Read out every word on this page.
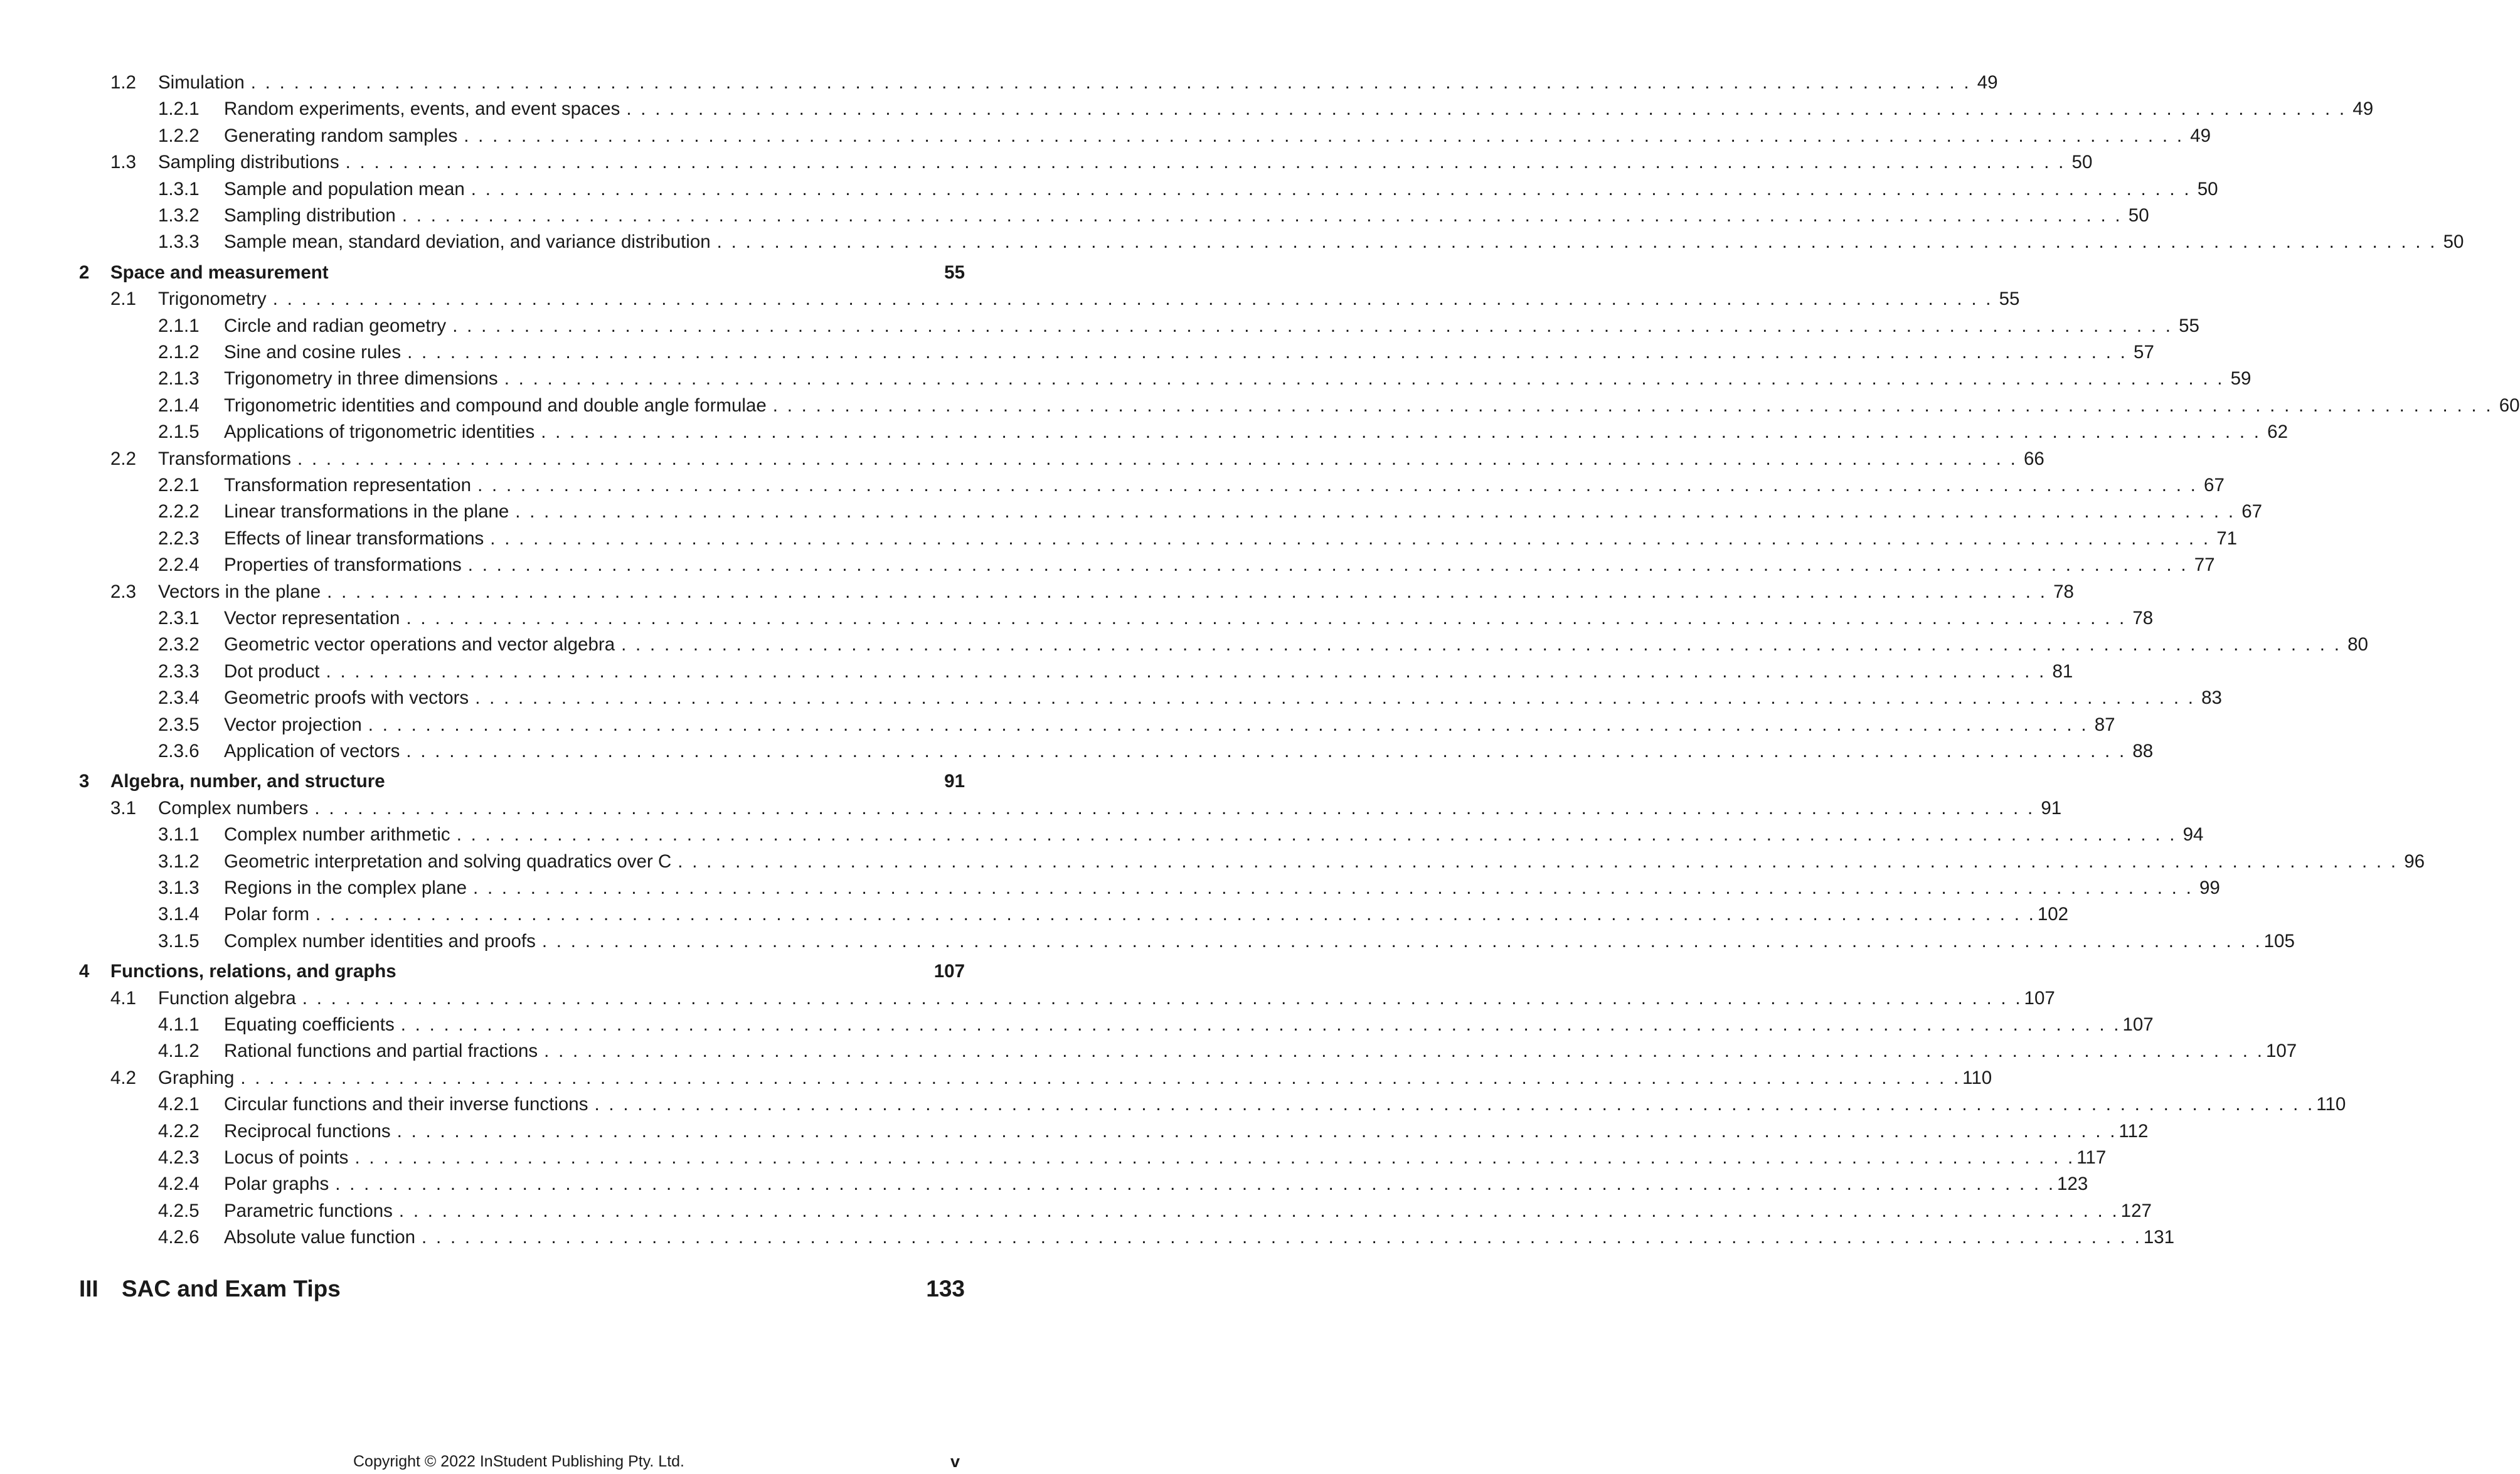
1.2	Simulation . . . . . . . . . . . . . . . . . . . . . . . . . . . . . . . . . . . . . . . . . . . . . . . . . . . . . . . . . . . . . . . . . . . . . . . . . . . . . . . . . . . . . . . . . . . . . . . . . . . . . . . . . . . . . . . . . . . . . . . . 49
1.2.1	Random experiments, events, and event spaces . . . . . . . . . . . . . . . . . . . . . . . . . . . . . . . . . . . . . . . . . . . . . . . . . . . . . . . . . . . . . . . . . . . . . . . . . . . . . . . . . . . . . . . . . . . . . . . . . . . . . . . . . . . . . . . . . . . . . . . . 49
1.2.2	Generating random samples . . . . . . . . . . . . . . . . . . . . . . . . . . . . . . . . . . . . . . . . . . . . . . . . . . . . . . . . . . . . . . . . . . . . . . . . . . . . . . . . . . . . . . . . . . . . . . . . . . . . . . . . . . . . . . . . . . . . . . . . 49
1.3	Sampling distributions . . . . . . . . . . . . . . . . . . . . . . . . . . . . . . . . . . . . . . . . . . . . . . . . . . . . . . . . . . . . . . . . . . . . . . . . . . . . . . . . . . . . . . . . . . . . . . . . . . . . . . . . . . . . . . . . . . . . . . . . 50
1.3.1	Sample and population mean . . . . . . . . . . . . . . . . . . . . . . . . . . . . . . . . . . . . . . . . . . . . . . . . . . . . . . . . . . . . . . . . . . . . . . . . . . . . . . . . . . . . . . . . . . . . . . . . . . . . . . . . . . . . . . . . . . . . . . . . 50
1.3.2	Sampling distribution . . . . . . . . . . . . . . . . . . . . . . . . . . . . . . . . . . . . . . . . . . . . . . . . . . . . . . . . . . . . . . . . . . . . . . . . . . . . . . . . . . . . . . . . . . . . . . . . . . . . . . . . . . . . . . . . . . . . . . . . 50
1.3.3	Sample mean, standard deviation, and variance distribution . . . . . . . . . . . . . . . . . . . . . . . . . . . . . . . . . . . . . . . . . . . . . . . . . . . . . . . . . . . . . . . . . . . . . . . . . . . . . . . . . . . . . . . . . . . . . . . . . . . . . . . . . . . . . . . . . . . . . . . . 50
2	Space and measurement	55
2.1	Trigonometry . . . . . . . . . . . . . . . . . . . . . . . . . . . . . . . . . . . . . . . . . . . . . . . . . . . . . . . . . . . . . . . . . . . . . . . . . . . . . . . . . . . . . . . . . . . . . . . . . . . . . . . . . . . . . . . . . . . . . . . . 55
2.1.1	Circle and radian geometry . . . . . . . . . . . . . . . . . . . . . . . . . . . . . . . . . . . . . . . . . . . . . . . . . . . . . . . . . . . . . . . . . . . . . . . . . . . . . . . . . . . . . . . . . . . . . . . . . . . . . . . . . . . . . . . . . . . . . . . . 55
2.1.2	Sine and cosine rules . . . . . . . . . . . . . . . . . . . . . . . . . . . . . . . . . . . . . . . . . . . . . . . . . . . . . . . . . . . . . . . . . . . . . . . . . . . . . . . . . . . . . . . . . . . . . . . . . . . . . . . . . . . . . . . . . . . . . . . . 57
2.1.3	Trigonometry in three dimensions . . . . . . . . . . . . . . . . . . . . . . . . . . . . . . . . . . . . . . . . . . . . . . . . . . . . . . . . . . . . . . . . . . . . . . . . . . . . . . . . . . . . . . . . . . . . . . . . . . . . . . . . . . . . . . . . . . . . . . . . 59
2.1.4	Trigonometric identities and compound and double angle formulae . . . . . . . . . . . . . . . . . . . . . . . . . . . . . . . . . . . . . . . . . . . . . . . . . . . . . . . . . . . . . . . . . . . . . . . . . . . . . . . . . . . . . . . . . . . . . . . . . . . . . . . . . . . . . . . . . . . . . . . . 60
2.1.5	Applications of trigonometric identities . . . . . . . . . . . . . . . . . . . . . . . . . . . . . . . . . . . . . . . . . . . . . . . . . . . . . . . . . . . . . . . . . . . . . . . . . . . . . . . . . . . . . . . . . . . . . . . . . . . . . . . . . . . . . . . . . . . . . . . . 62
2.2	Transformations . . . . . . . . . . . . . . . . . . . . . . . . . . . . . . . . . . . . . . . . . . . . . . . . . . . . . . . . . . . . . . . . . . . . . . . . . . . . . . . . . . . . . . . . . . . . . . . . . . . . . . . . . . . . . . . . . . . . . . . . 66
2.2.1	Transformation representation . . . . . . . . . . . . . . . . . . . . . . . . . . . . . . . . . . . . . . . . . . . . . . . . . . . . . . . . . . . . . . . . . . . . . . . . . . . . . . . . . . . . . . . . . . . . . . . . . . . . . . . . . . . . . . . . . . . . . . . . 67
2.2.2	Linear transformations in the plane . . . . . . . . . . . . . . . . . . . . . . . . . . . . . . . . . . . . . . . . . . . . . . . . . . . . . . . . . . . . . . . . . . . . . . . . . . . . . . . . . . . . . . . . . . . . . . . . . . . . . . . . . . . . . . . . . . . . . . . . 67
2.2.3	Effects of linear transformations . . . . . . . . . . . . . . . . . . . . . . . . . . . . . . . . . . . . . . . . . . . . . . . . . . . . . . . . . . . . . . . . . . . . . . . . . . . . . . . . . . . . . . . . . . . . . . . . . . . . . . . . . . . . . . . . . . . . . . . . 71
2.2.4	Properties of transformations . . . . . . . . . . . . . . . . . . . . . . . . . . . . . . . . . . . . . . . . . . . . . . . . . . . . . . . . . . . . . . . . . . . . . . . . . . . . . . . . . . . . . . . . . . . . . . . . . . . . . . . . . . . . . . . . . . . . . . . . 77
2.3	Vectors in the plane . . . . . . . . . . . . . . . . . . . . . . . . . . . . . . . . . . . . . . . . . . . . . . . . . . . . . . . . . . . . . . . . . . . . . . . . . . . . . . . . . . . . . . . . . . . . . . . . . . . . . . . . . . . . . . . . . . . . . . . . 78
2.3.1	Vector representation . . . . . . . . . . . . . . . . . . . . . . . . . . . . . . . . . . . . . . . . . . . . . . . . . . . . . . . . . . . . . . . . . . . . . . . . . . . . . . . . . . . . . . . . . . . . . . . . . . . . . . . . . . . . . . . . . . . . . . . . 78
2.3.2	Geometric vector operations and vector algebra . . . . . . . . . . . . . . . . . . . . . . . . . . . . . . . . . . . . . . . . . . . . . . . . . . . . . . . . . . . . . . . . . . . . . . . . . . . . . . . . . . . . . . . . . . . . . . . . . . . . . . . . . . . . . . . . . . . . . . . . 80
2.3.3	Dot product . . . . . . . . . . . . . . . . . . . . . . . . . . . . . . . . . . . . . . . . . . . . . . . . . . . . . . . . . . . . . . . . . . . . . . . . . . . . . . . . . . . . . . . . . . . . . . . . . . . . . . . . . . . . . . . . . . . . . . . . 81
2.3.4	Geometric proofs with vectors . . . . . . . . . . . . . . . . . . . . . . . . . . . . . . . . . . . . . . . . . . . . . . . . . . . . . . . . . . . . . . . . . . . . . . . . . . . . . . . . . . . . . . . . . . . . . . . . . . . . . . . . . . . . . . . . . . . . . . . . 83
2.3.5	Vector projection . . . . . . . . . . . . . . . . . . . . . . . . . . . . . . . . . . . . . . . . . . . . . . . . . . . . . . . . . . . . . . . . . . . . . . . . . . . . . . . . . . . . . . . . . . . . . . . . . . . . . . . . . . . . . . . . . . . . . . . . 87
2.3.6	Application of vectors . . . . . . . . . . . . . . . . . . . . . . . . . . . . . . . . . . . . . . . . . . . . . . . . . . . . . . . . . . . . . . . . . . . . . . . . . . . . . . . . . . . . . . . . . . . . . . . . . . . . . . . . . . . . . . . . . . . . . . . . 88
3	Algebra, number, and structure	91
3.1	Complex numbers . . . . . . . . . . . . . . . . . . . . . . . . . . . . . . . . . . . . . . . . . . . . . . . . . . . . . . . . . . . . . . . . . . . . . . . . . . . . . . . . . . . . . . . . . . . . . . . . . . . . . . . . . . . . . . . . . . . . . . . . 91
3.1.1	Complex number arithmetic . . . . . . . . . . . . . . . . . . . . . . . . . . . . . . . . . . . . . . . . . . . . . . . . . . . . . . . . . . . . . . . . . . . . . . . . . . . . . . . . . . . . . . . . . . . . . . . . . . . . . . . . . . . . . . . . . . . . . . . . 94
3.1.2	Geometric interpretation and solving quadratics over C . . . . . . . . . . . . . . . . . . . . . . . . . . . . . . . . . . . . . . . . . . . . . . . . . . . . . . . . . . . . . . . . . . . . . . . . . . . . . . . . . . . . . . . . . . . . . . . . . . . . . . . . . . . . . . . . . . . . . . . . 96
3.1.3	Regions in the complex plane . . . . . . . . . . . . . . . . . . . . . . . . . . . . . . . . . . . . . . . . . . . . . . . . . . . . . . . . . . . . . . . . . . . . . . . . . . . . . . . . . . . . . . . . . . . . . . . . . . . . . . . . . . . . . . . . . . . . . . . . 99
3.1.4	Polar form . . . . . . . . . . . . . . . . . . . . . . . . . . . . . . . . . . . . . . . . . . . . . . . . . . . . . . . . . . . . . . . . . . . . . . . . . . . . . . . . . . . . . . . . . . . . . . . . . . . . . . . . . . . . . . . . . . . . . . . . 102
3.1.5	Complex number identities and proofs . . . . . . . . . . . . . . . . . . . . . . . . . . . . . . . . . . . . . . . . . . . . . . . . . . . . . . . . . . . . . . . . . . . . . . . . . . . . . . . . . . . . . . . . . . . . . . . . . . . . . . . . . . . . . . . . . . . . . . . . 105
4	Functions, relations, and graphs	107
4.1	Function algebra . . . . . . . . . . . . . . . . . . . . . . . . . . . . . . . . . . . . . . . . . . . . . . . . . . . . . . . . . . . . . . . . . . . . . . . . . . . . . . . . . . . . . . . . . . . . . . . . . . . . . . . . . . . . . . . . . . . . . . . . 107
4.1.1	Equating coefficients . . . . . . . . . . . . . . . . . . . . . . . . . . . . . . . . . . . . . . . . . . . . . . . . . . . . . . . . . . . . . . . . . . . . . . . . . . . . . . . . . . . . . . . . . . . . . . . . . . . . . . . . . . . . . . . . . . . . . . . . 107
4.1.2	Rational functions and partial fractions . . . . . . . . . . . . . . . . . . . . . . . . . . . . . . . . . . . . . . . . . . . . . . . . . . . . . . . . . . . . . . . . . . . . . . . . . . . . . . . . . . . . . . . . . . . . . . . . . . . . . . . . . . . . . . . . . . . . . . . . 107
4.2	Graphing . . . . . . . . . . . . . . . . . . . . . . . . . . . . . . . . . . . . . . . . . . . . . . . . . . . . . . . . . . . . . . . . . . . . . . . . . . . . . . . . . . . . . . . . . . . . . . . . . . . . . . . . . . . . . . . . . . . . . . . . 110
4.2.1	Circular functions and their inverse functions . . . . . . . . . . . . . . . . . . . . . . . . . . . . . . . . . . . . . . . . . . . . . . . . . . . . . . . . . . . . . . . . . . . . . . . . . . . . . . . . . . . . . . . . . . . . . . . . . . . . . . . . . . . . . . . . . . . . . . . . 110
4.2.2	Reciprocal functions . . . . . . . . . . . . . . . . . . . . . . . . . . . . . . . . . . . . . . . . . . . . . . . . . . . . . . . . . . . . . . . . . . . . . . . . . . . . . . . . . . . . . . . . . . . . . . . . . . . . . . . . . . . . . . . . . . . . . . . . 112
4.2.3	Locus of points . . . . . . . . . . . . . . . . . . . . . . . . . . . . . . . . . . . . . . . . . . . . . . . . . . . . . . . . . . . . . . . . . . . . . . . . . . . . . . . . . . . . . . . . . . . . . . . . . . . . . . . . . . . . . . . . . . . . . . . . 117
4.2.4	Polar graphs . . . . . . . . . . . . . . . . . . . . . . . . . . . . . . . . . . . . . . . . . . . . . . . . . . . . . . . . . . . . . . . . . . . . . . . . . . . . . . . . . . . . . . . . . . . . . . . . . . . . . . . . . . . . . . . . . . . . . . . . 123
4.2.5	Parametric functions . . . . . . . . . . . . . . . . . . . . . . . . . . . . . . . . . . . . . . . . . . . . . . . . . . . . . . . . . . . . . . . . . . . . . . . . . . . . . . . . . . . . . . . . . . . . . . . . . . . . . . . . . . . . . . . . . . . . . . . . 127
4.2.6	Absolute value function . . . . . . . . . . . . . . . . . . . . . . . . . . . . . . . . . . . . . . . . . . . . . . . . . . . . . . . . . . . . . . . . . . . . . . . . . . . . . . . . . . . . . . . . . . . . . . . . . . . . . . . . . . . . . . . . . . . . . . . . 131
III	SAC and Exam Tips	133
Copyright © 2022 InStudent Publishing Pty. Ltd.	v
